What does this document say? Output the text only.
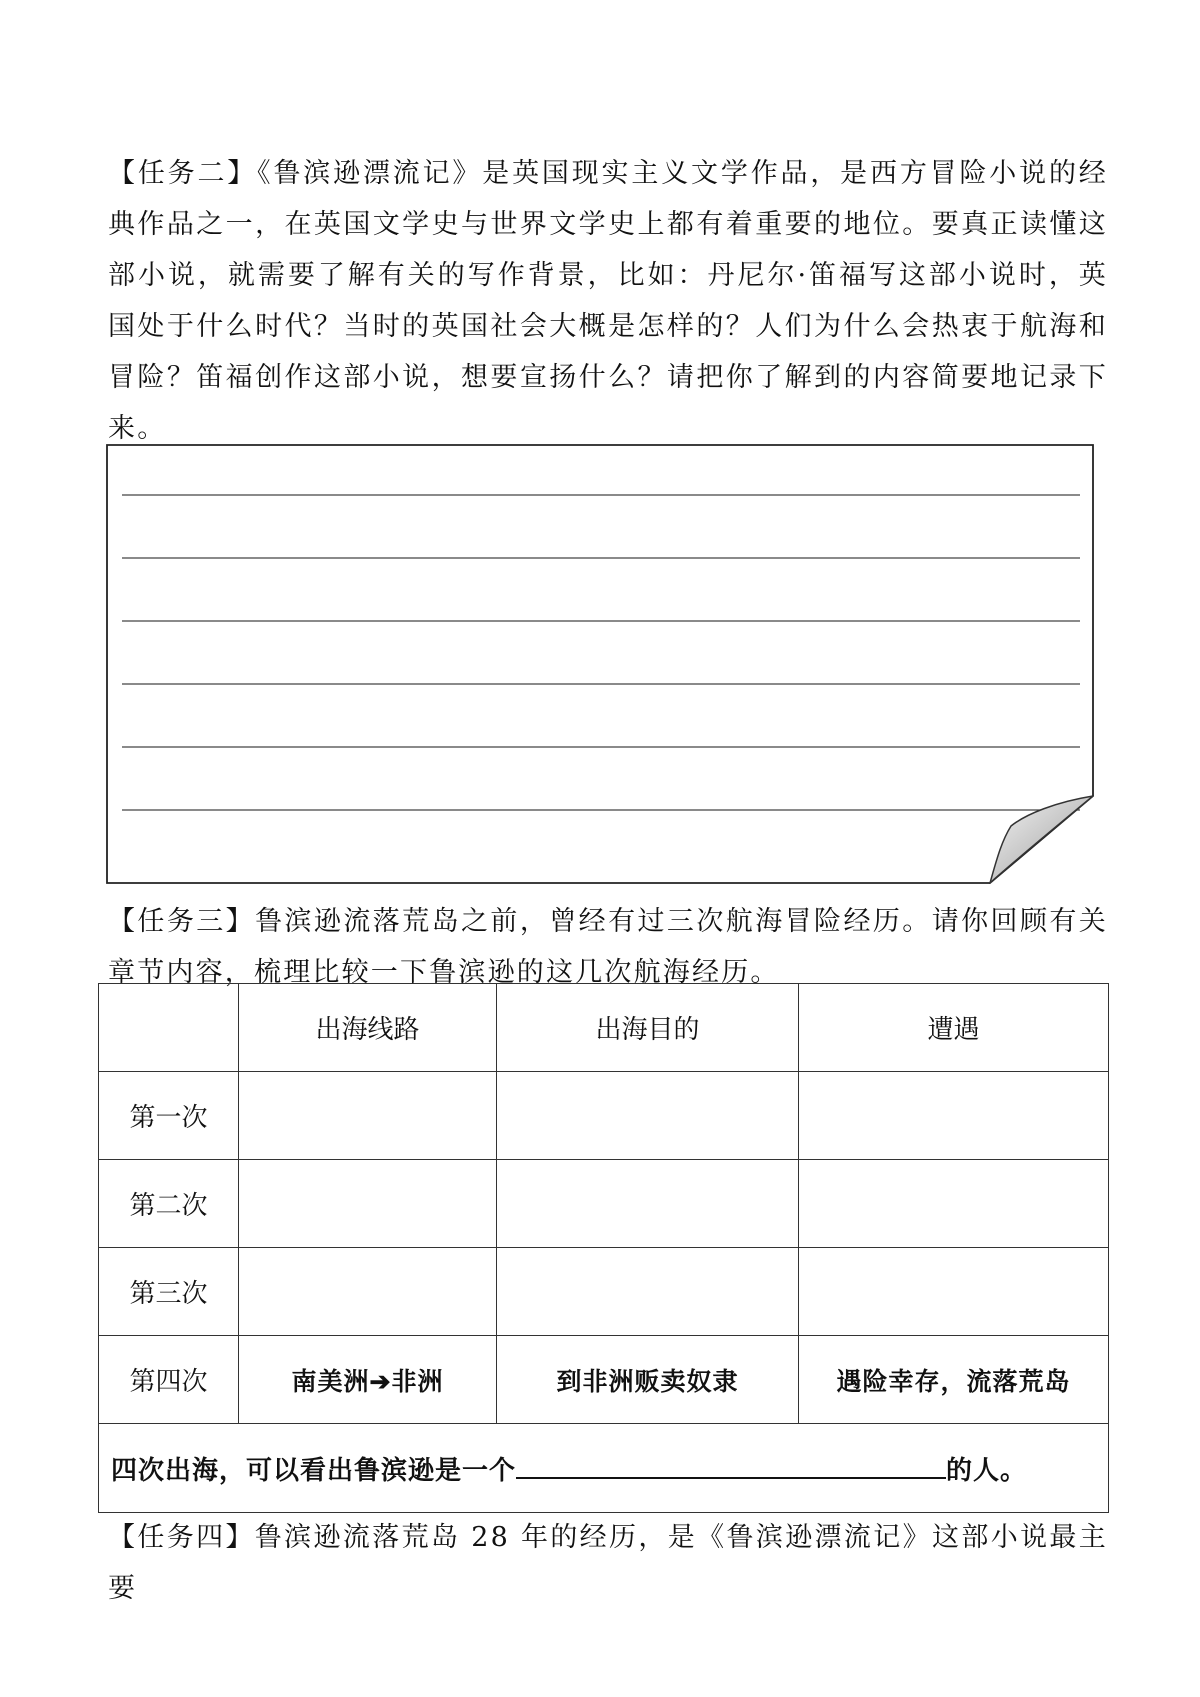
【任务二】《鲁滨逊漂流记》是英国现实主义文学作品，是西方冒险小说的经典作品之一，在英国文学史与世界文学史上都有着重要的地位。要真正读懂这部小说，就需要了解有关的写作背景，比如：丹尼尔·笛福写这部小说时，英国处于什么时代？当时的英国社会大概是怎样的？人们为什么会热衷于航海和冒险？笛福创作这部小说，想要宣扬什么？请把你了解到的内容简要地记录下来。

【任务三】鲁滨逊流落荒岛之前，曾经有过三次航海冒险经历。请你回顾有关章节内容，梳理比较一下鲁滨逊的这几次航海经历。

	出海线路	出海目的	遭遇
第一次			
第二次			
第三次			
第四次	南美洲➔非洲	到非洲贩卖奴隶	遇险幸存，流落荒岛
四次出海，可以看出鲁滨逊是一个 的人。			

【任务四】鲁滨逊流落荒岛 28 年的经历，是《鲁滨逊漂流记》这部小说最主要
